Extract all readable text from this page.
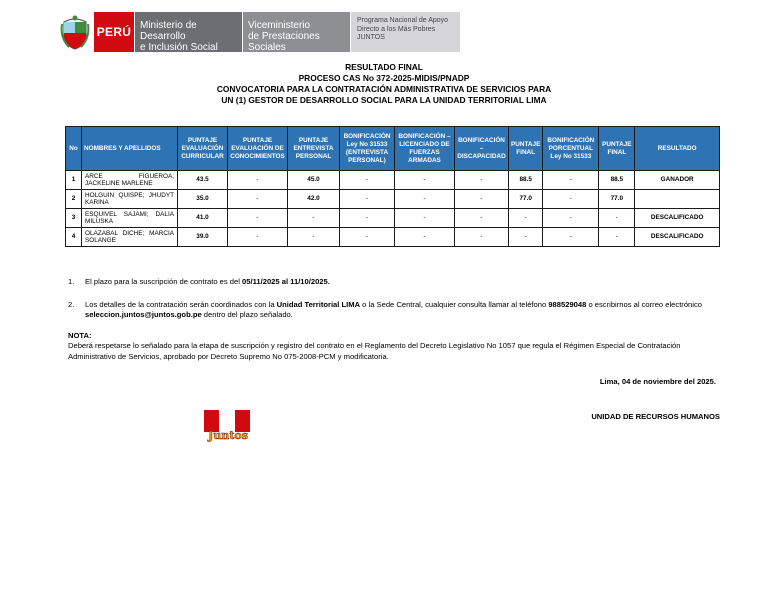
PERÚ Ministerio de Desarrollo
e Inclusión Social
Viceministerio
de Prestaciones Sociales
Programa Nacional de Apoyo
Directo a los Más Pobres
JUNTOS
RESULTADO FINAL
PROCESO CAS No 372-2025-MIDIS/PNADP
CONVOCATORIA PARA LA CONTRATACIÓN ADMINISTRATIVA DE SERVICIOS PARA
UN (1) GESTOR DE DESARROLLO SOCIAL PARA LA UNIDAD TERRITORIAL LIMA
No	NOMBRES Y APELLIDOS	PUNTAJE EVALUACIÓN CURRICULAR	PUNTAJE EVALUACIÓN DE CONOCIMIENTOS	PUNTAJE ENTREVISTA PERSONAL	BONIFICACIÓN Ley No 31533 (ENTREVISTA PERSONAL)	BONIFICACIÓN – LICENCIADO DE FUERZAS ARMADAS	BONIFICACIÓN – DISCAPACIDAD	PUNTAJE FINAL	BONIFICACIÓN PORCENTUAL Ley No 31533	PUNTAJE FINAL	RESULTADO
1	ARCE FIGUEROA; JACKELINE MARLENE	43.5	-	45.0	-	-	-	88.5	-	88.5	GANADOR
2	HOLGUIN QUISPE; JHUDYT KARINA	35.0	-	42.0	-	-	-	77.0	-	77.0	
3	ESQUIVEL SAJAMI; DALIA MILUSKA	41.0	-	-	-	-	-	-	-	-	DESCALIFICADO
4	OLAZABAL DICHE; MARCIA SOLANGE	39.0	-	-	-	-	-	-	-	-	DESCALIFICADO
1.	El plazo para la suscripción de contrato es del 05/11/2025 al 11/10/2025.
2.	Los detalles de la contratación serán coordinados con la Unidad Territorial LIMA o la Sede Central, cualquier consulta llamar al teléfono 988529048 o escribirnos al correo electrónico seleccion.juntos@juntos.gob.pe dentro del plazo señalado.
NOTA:
Deberá respetarse lo señalado para la etapa de suscripción y registro del contrato en el Reglamento del Decreto Legislativo No 1057 que regula el Régimen Especial de Contratación Administrativo de Servicios, aprobado por Decreto Supremo No 075-2008-PCM y modificatoria.
Lima, 04 de noviembre del 2025.
UNIDAD DE RECURSOS HUMANOS
Juntos
